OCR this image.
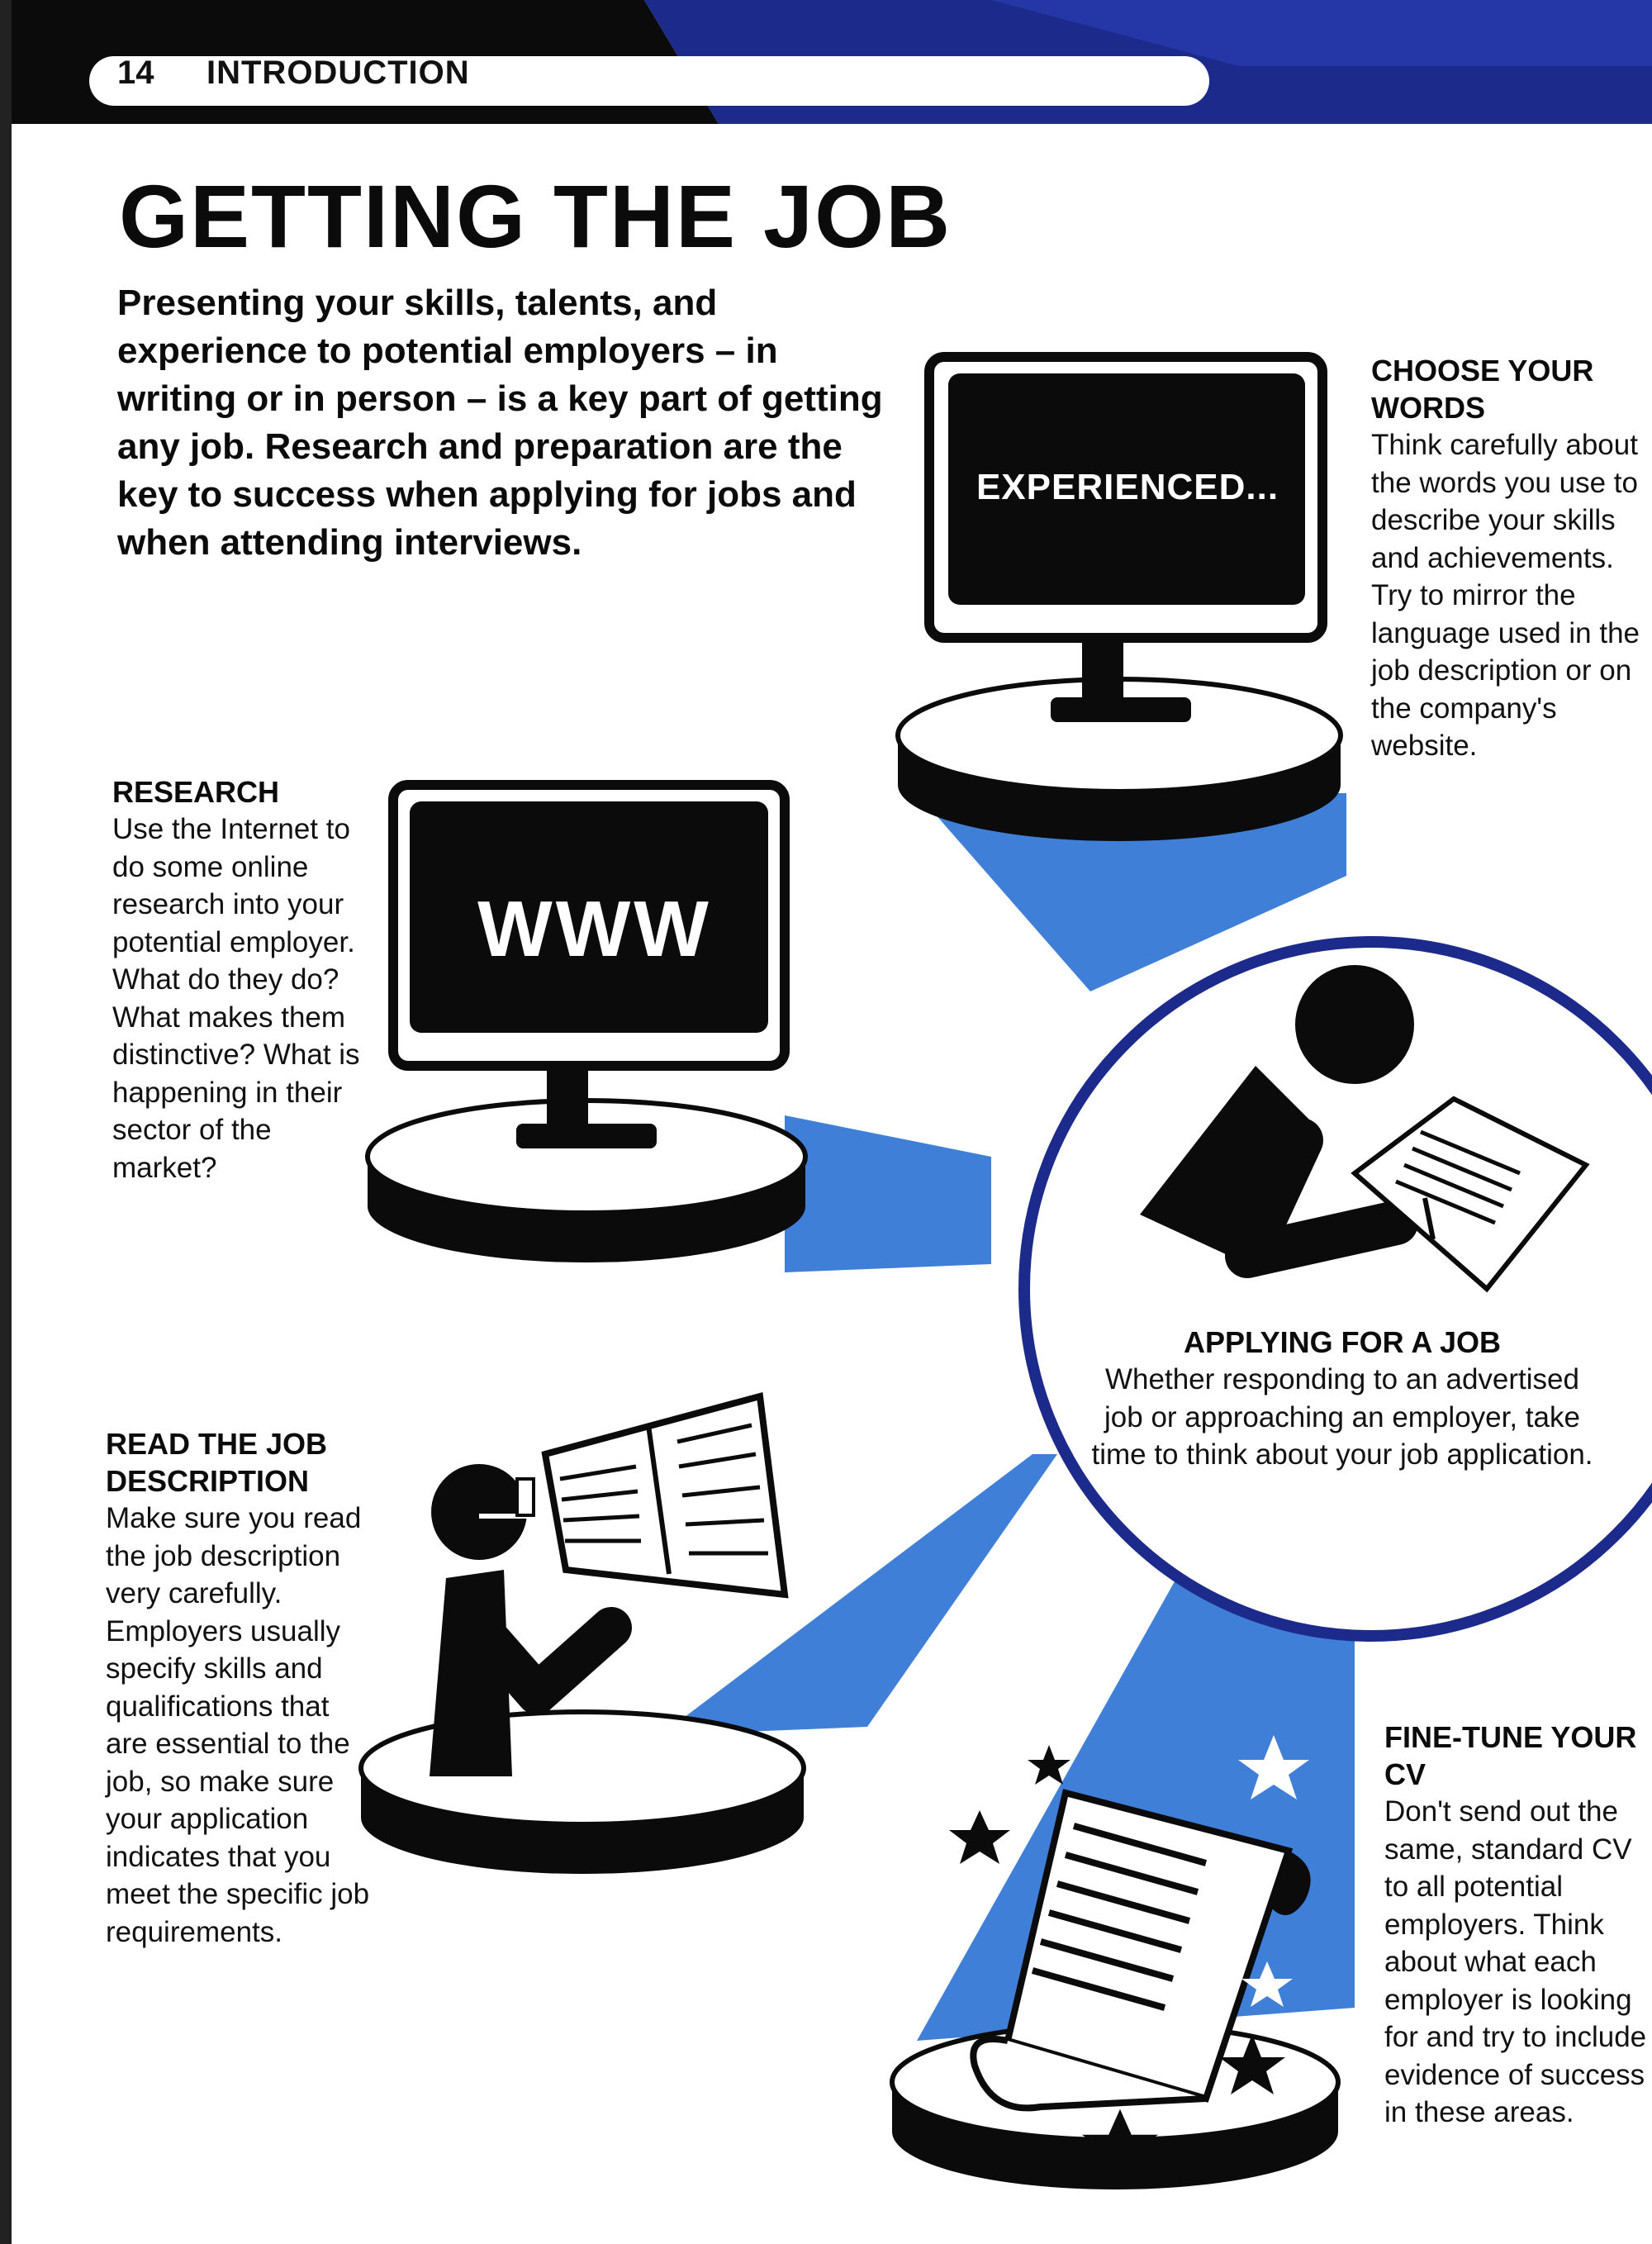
14 INTRODUCTION
GETTING THE JOB

Presenting your skills, talents, and experience to potential employers – in writing or in person – is a key part of getting any job. Research and preparation are the key to success when applying for jobs and when attending interviews.

WWW
EXPERIENCED...
RESEARCH

Use the Internet to do some online research into your potential employer. What do they do? What makes them distinctive? What is happening in their sector of the market?

READ THE JOB DESCRIPTION

Make sure you read the job description very carefully. Employers usually specify skills and qualifications that are essential to the job, so make sure your application indicates that you meet the specific job requirements.

CHOOSE YOUR WORDS

Think carefully about the words you use to describe your skills and achievements. Try to mirror the language used in the job description or on the company's website.

APPLYING FOR A JOB

Whether responding to an advertised job or approaching an employer, take time to think about your job application.

FINE-TUNE YOUR CV

Don't send out the same, standard CV to all potential employers. Think about what each employer is looking for and try to include evidence of success in these areas.
